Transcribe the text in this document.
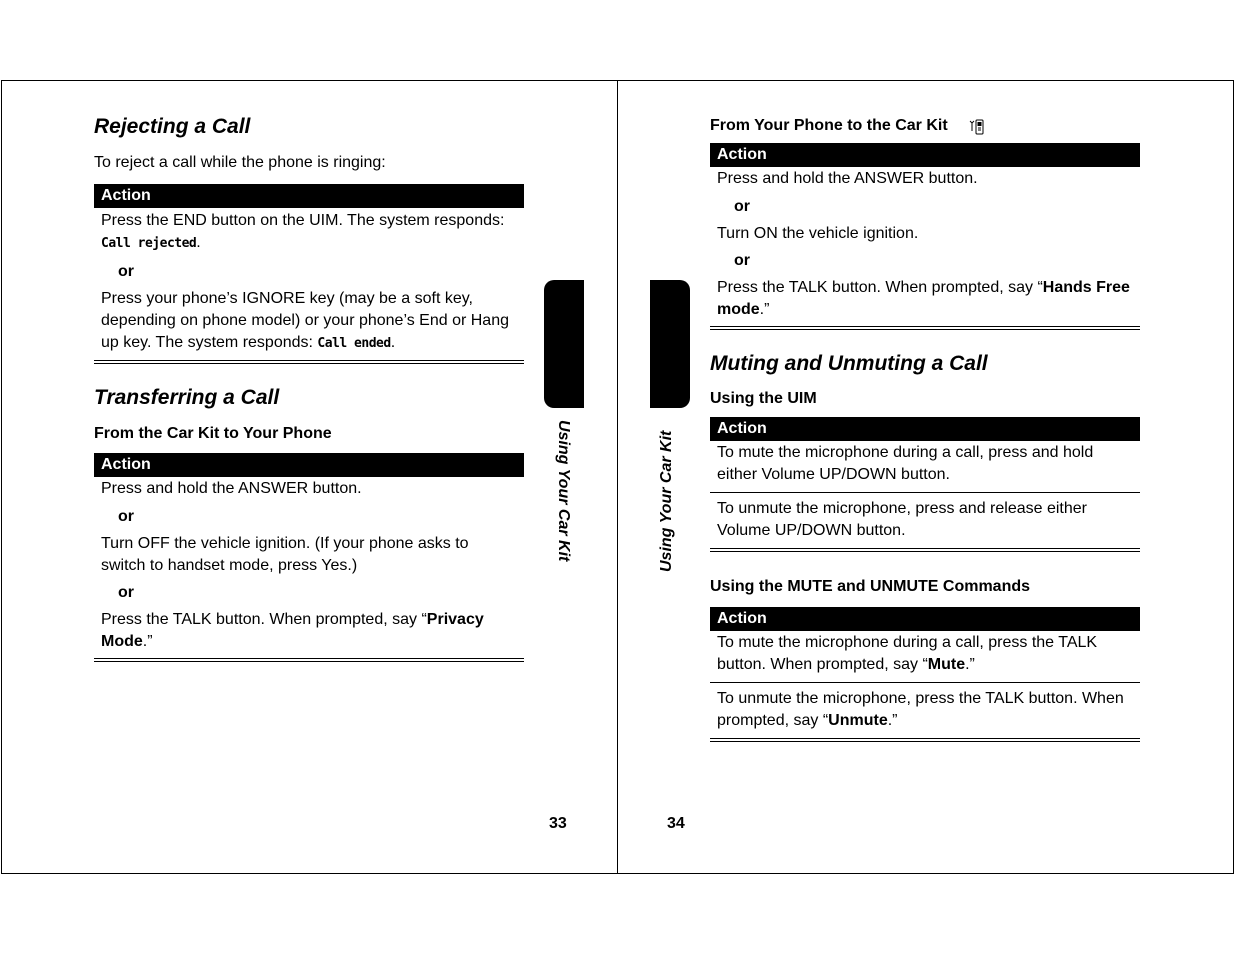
Rejecting a Call

To reject a call while the phone is ringing:

Action
Press the END button on the UIM. The system responds: Call rejected.
or
Press your phone’s IGNORE key (may be a soft key, depending on phone model) or your phone’s End or Hang up key. The system responds: Call ended.
Transferring a Call

From the Car Kit to Your Phone

Action
Press and hold the ANSWER button.
or
Turn OFF the vehicle ignition. (If your phone asks to switch to handset mode, press Yes.)
or
Press the TALK button. When prompted, say “Privacy Mode.”
Using Your Car Kit	Using Your Car Kit
33	34

From Your Phone to the Car Kit

Action
Press and hold the ANSWER button.
or
Turn ON the vehicle ignition.
or
Press the TALK button. When prompted, say “Hands Free mode.”
Muting and Unmuting a Call

Using the UIM

Action
To mute the microphone during a call, press and hold either Volume UP/DOWN button.
To unmute the microphone, press and release either Volume UP/DOWN button.

Using the MUTE and UNMUTE Commands

Action
To mute the microphone during a call, press the TALK button. When prompted, say “Mute.”
To unmute the microphone, press the TALK button. When prompted, say “Unmute.”
